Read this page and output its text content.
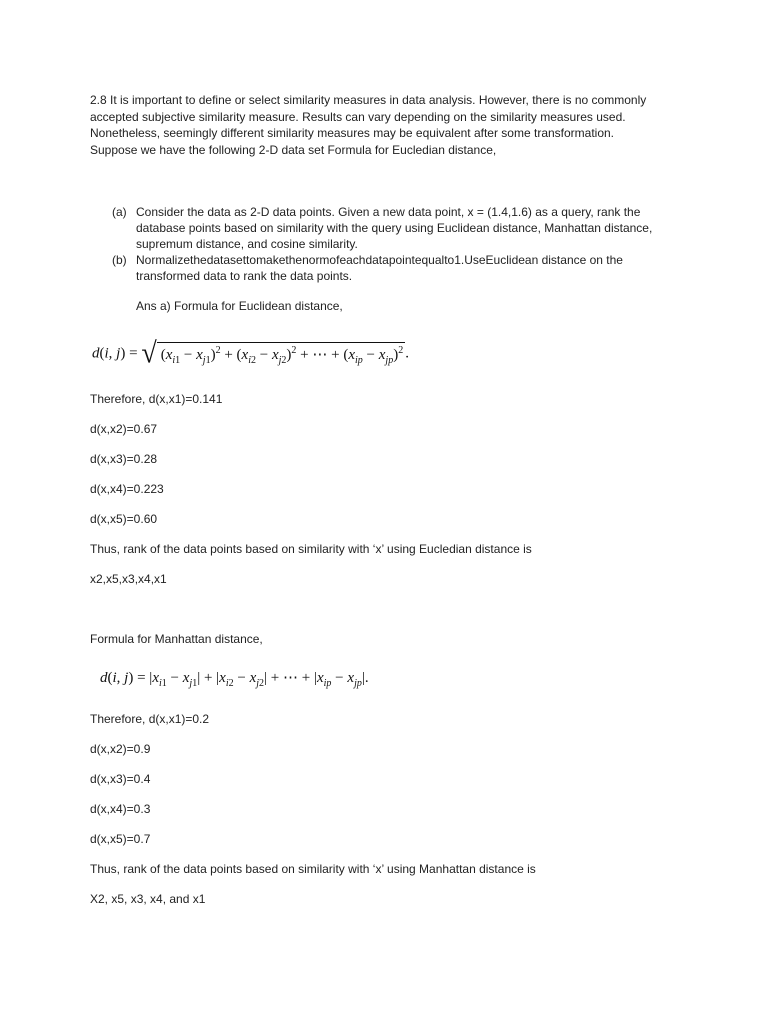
2.8 It is important to define or select similarity measures in data analysis. However, there is no commonly
accepted subjective similarity measure. Results can vary depending on the similarity measures used.
Nonetheless, seemingly different similarity measures may be equivalent after some transformation.
Suppose we have the following 2-D data set Formula for Eucledian distance,

(a) Consider the data as 2-D data points. Given a new data point, x = (1.4,1.6) as a query, rank the
database points based on similarity with the query using Euclidean distance, Manhattan distance,
supremum distance, and cosine similarity.
(b) Normalizethedatasettomakethenormofeachdatapointequalto1.UseEuclidean distance on the
transformed data to rank the data points.

Ans a) Formula for Euclidean distance,

d(i, j) = √ $(x_{i1} - x_{j1})^2 + (x_{i2} - x_{j2})^2$ + ⋯ + $(x_{ip} - x_{jp})^2$ .

Therefore, d(x,x1)=0.141

d(x,x2)=0.67

d(x,x3)=0.28

d(x,x4)=0.223

d(x,x5)=0.60

Thus, rank of the data points based on similarity with ‘x’ using Eucledian distance is

x2,x5,x3,x4,x1

Formula for Manhattan distance,

d(i, $j) = |x_{i1} - x_{j1}| + |x_{i2} - x_{j2}|$ + ⋯ + $|x_{ip} - x_{jp}|$.

Therefore, d(x,x1)=0.2

d(x,x2)=0.9

d(x,x3)=0.4

d(x,x4)=0.3

d(x,x5)=0.7

Thus, rank of the data points based on similarity with ‘x’ using Manhattan distance is

X2, x5, x3, x4, and x1
